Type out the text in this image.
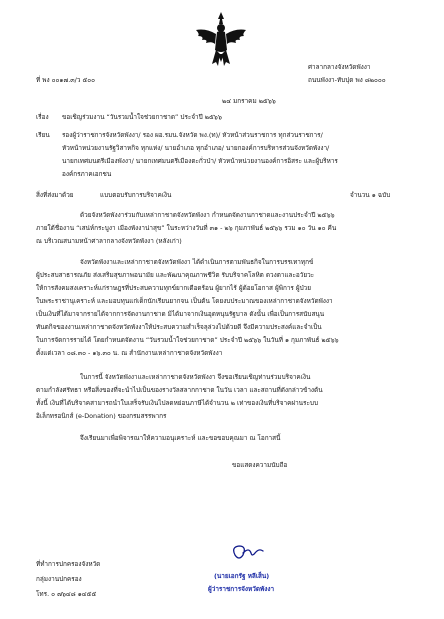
ที่ พง ๐๐๑๗.๓/ว ๕๐๐
ศาลากลางจังหวัดพังงา
ถนนพังงา-ทับปุด พง ๘๒๐๐๐
๒๔ มกราคม ๒๕๖๖
เรื่อง ขอเชิญร่วมงาน “วันรวมน้ำใจช่วยกาชาด” ประจำปี ๒๕๖๖
เรียน รองผู้ว่าราชการจังหวัดพังงา/ รอง ผอ.รมน.จังหวัด พง.(ท)/ หัวหน้าส่วนราชการ ทุกส่วนราชการ/
หัวหน้าหน่วยงานรัฐวิสาหกิจ ทุกแห่ง/ นายอำเภอ ทุกอำเภอ/ นายกองค์การบริหารส่วนจังหวัดพังงา/
นายกเทศมนตรีเมืองพังงา/ นายกเทศมนตรีเมืองตะกั่วป่า/ หัวหน้าหน่วยงานองค์การอิสระ และผู้บริหาร
องค์กรภาคเอกชน
สิ่งที่ส่งมาด้วย	แบบตอบรับการบริจาคเงิน	จำนวน ๑ ฉบับ
ด้วยจังหวัดพังงาร่วมกับเหล่ากาชาดจังหวัดพังงา กำหนดจัดงานกาชาดและงานประจำปี ๒๕๖๖
ภายใต้ชื่องาน “เสน่ห์กระบูงา เมืองพังงาน่าสุข” ในระหว่างวันที่ ๓๑ - ๒๖ กุมภาพันธ์ ๒๕๖๖ รวม ๑๐ วัน ๑๐ คืน
ณ บริเวณสนามหน้าศาลากลางจังหวัดพังงา (หลังเก่า)
จังหวัดพังงาและเหล่ากาชาดจังหวัดพังงา ได้ดำเนินการตามพันธกิจในการบรรเทาทุกข์
ผู้ประสบสาธารณภัย ส่งเสริมสุขภาพอนามัย และพัฒนาคุณภาพชีวิต รับบริจาคโลหิต ดวงตาและอวัยวะ
ให้การสังคมสงเคราะห์แก่ราษฎรที่ประสบความทุกข์ยากเดือดร้อน ผู้ยากไร้ ผู้ด้อยโอกาส ผู้พิการ ผู้ป่วย
ในพระราชานุเคราะห์ และมอบทุนแก่เด็กนักเรียนยากจน เป็นต้น โดยงบประมาณของเหล่ากาชาดจังหวัดพังงา
เป็นเงินที่ได้มาจากรายได้จากการจัดงานกาชาด มิได้มาจากเงินอุดหนุนรัฐบาล ดังนั้น เพื่อเป็นการสนับสนุน
ทันตกิจของงานเหล่ากาชาดจังหวัดพังงาให้ประสบความสำเร็จลุล่วงไปด้วยดี จึงมีความประสงค์และจำเป็น
ในการจัดการรายได้ โดยกำหนดจัดงาน “วันรวมน้ำใจช่วยกาชาด” ประจำปี ๒๕๖๖ ในวันที่ ๑ กุมภาพันธ์ ๒๕๖๖
ตั้งแต่เวลา ๐๘.๓๐ - ๑๖.๓๐ น. ณ สำนักงานเหล่ากาชาดจังหวัดพังงา
ในการนี้ จังหวัดพังงาและเหล่ากาชาดจังหวัดพังงา จึงขอเรียนเชิญท่านร่วมบริจาคเงิน
ตามกำลังศรัทธา หรือสิ่งของที่จะนำไปเป็นของรางวัลสลากกาชาด ในวัน เวลา และสถานที่ดังกล่าวข้างต้น
ทั้งนี้ เงินที่ได้บริจาคสามารถนำใบเสร็จรับเงินไปลดหย่อนภาษีได้จำนวน ๒ เท่าของเงินที่บริจาคผ่านระบบ
อิเล็กทรอนิกส์ (e-Donation) ของกรมสรรพากร
จึงเรียนมาเพื่อพิจารณาให้ความอนุเคราะห์ และขอขอบคุณมา ณ โอกาสนี้
ขอแสดงความนับถือ
(นายเอกรัฐ หลีเส็น)
ผู้ว่าราชการจังหวัดพังงา
ที่ทำการปกครองจังหวัด
กลุ่มงานปกครอง
โทร. ๐ ๗๖๔๘ ๑๔๕๕
